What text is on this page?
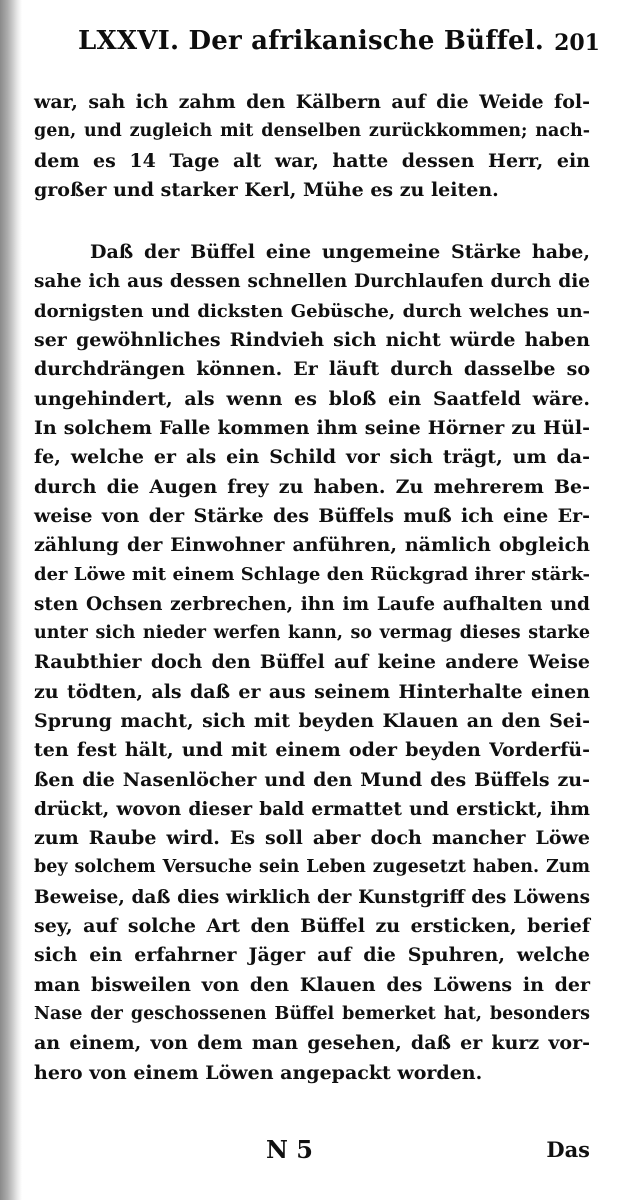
LXXVI. Der afrikanische Büffel. 201
war, sah ich zahm den Kälbern auf die Weide fol-
gen, und zugleich mit denselben zurückkommen; nach-
dem es 14 Tage alt war, hatte dessen Herr, ein
großer und starker Kerl, Mühe es zu leiten.
Daß der Büffel eine ungemeine Stärke habe,
sahe ich aus dessen schnellen Durchlaufen durch die
dornigsten und dicksten Gebüsche, durch welches un-
ser gewöhnliches Rindvieh sich nicht würde haben
durchdrängen können. Er läuft durch dasselbe so
ungehindert, als wenn es bloß ein Saatfeld wäre.
In solchem Falle kommen ihm seine Hörner zu Hül-
fe, welche er als ein Schild vor sich trägt, um da-
durch die Augen frey zu haben. Zu mehrerem Be-
weise von der Stärke des Büffels muß ich eine Er-
zählung der Einwohner anführen, nämlich obgleich
der Löwe mit einem Schlage den Rückgrad ihrer stärk-
sten Ochsen zerbrechen, ihn im Laufe aufhalten und
unter sich nieder werfen kann, so vermag dieses starke
Raubthier doch den Büffel auf keine andere Weise
zu tödten, als daß er aus seinem Hinterhalte einen
Sprung macht, sich mit beyden Klauen an den Sei-
ten fest hält, und mit einem oder beyden Vorderfü-
ßen die Nasenlöcher und den Mund des Büffels zu-
drückt, wovon dieser bald ermattet und erstickt, ihm
zum Raube wird. Es soll aber doch mancher Löwe
bey solchem Versuche sein Leben zugesetzt haben. Zum
Beweise, daß dies wirklich der Kunstgriff des Löwens
sey, auf solche Art den Büffel zu ersticken, berief
sich ein erfahrner Jäger auf die Spuhren, welche
man bisweilen von den Klauen des Löwens in der
Nase der geschossenen Büffel bemerket hat, besonders
an einem, von dem man gesehen, daß er kurz vor-
hero von einem Löwen angepackt worden.
N 5	Das
